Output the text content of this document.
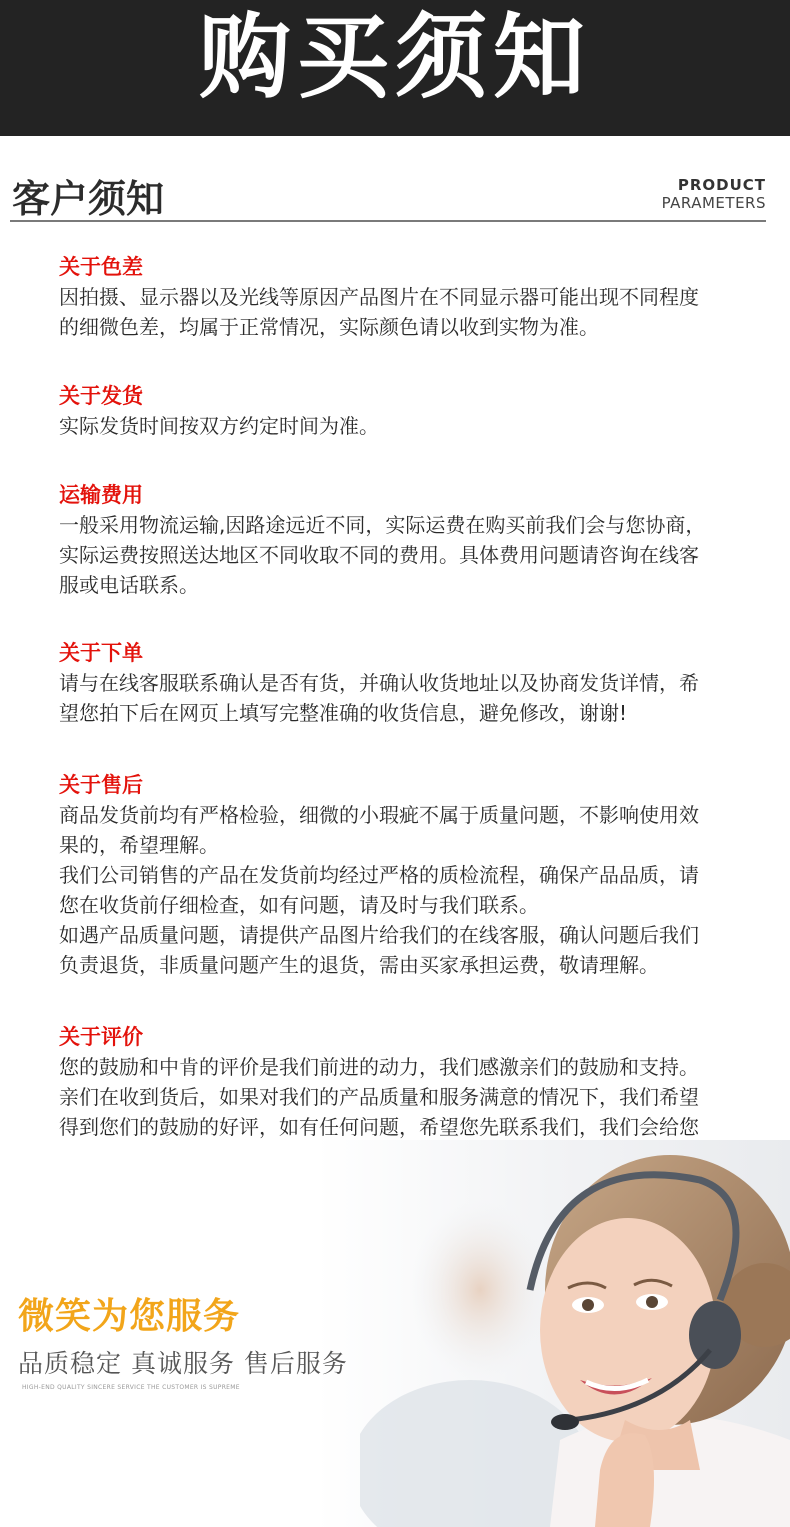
购买须知
客户须知	PRODUCT
PARAMETERS
关于色差
因拍摄、显示器以及光线等原因产品图片在不同显示器可能出现不同程度
的细微色差，均属于正常情况，实际颜色请以收到实物为准。
关于发货
实际发货时间按双方约定时间为准。
运输费用
一般采用物流运输,因路途远近不同，实际运费在购买前我们会与您协商，
实际运费按照送达地区不同收取不同的费用。具体费用问题请咨询在线客
服或电话联系。
关于下单
请与在线客服联系确认是否有货，并确认收货地址以及协商发货详情，希
望您拍下后在网页上填写完整准确的收货信息，避免修改，谢谢!
关于售后
商品发货前均有严格检验，细微的小瑕疵不属于质量问题，不影响使用效
果的，希望理解。
我们公司销售的产品在发货前均经过严格的质检流程，确保产品品质，请
您在收货前仔细检查，如有问题，请及时与我们联系。
如遇产品质量问题，请提供产品图片给我们的在线客服，确认问题后我们
负责退货，非质量问题产生的退货，需由买家承担运费，敬请理解。
关于评价
您的鼓励和中肯的评价是我们前进的动力，我们感激亲们的鼓励和支持。
亲们在收到货后，如果对我们的产品质量和服务满意的情况下，我们希望
得到您们的鼓励的好评，如有任何问题，希望您先联系我们，我们会给您
微笑为您服务
品质稳定 真诚服务 售后服务
HIGH-END QUALITY SINCERE SERVICE THE CUSTOMER IS SUPREME
